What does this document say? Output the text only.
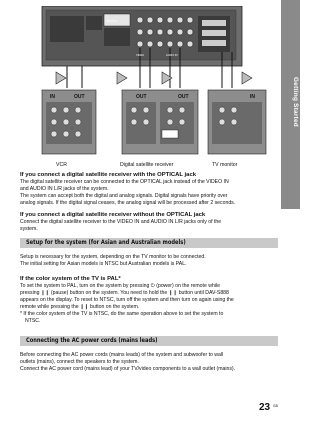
Getting Started
IN	OUT	OUT	OUT	IN
OPTICAL
VIDEO	AUDIO IN
VCR	Digital satellite receiver	TV monitor

If you connect a digital satellite receiver with the OPTICAL jack

The digital satellite receiver can be connected to the OPTICAL jack instead of the VIDEO IN

and AUDIO IN L/R jacks of the system.

The system can accept both the digital and analog signals. Digital signals have priority over

analog signals. If the digital signal ceases, the analog signal will be processed after 2 seconds.

If you connect a digital satellite receiver without the OPTICAL jack

Connect the digital satellite receiver to the VIDEO IN and AUDIO IN L/R jacks only of the

system.

Setup for the system (for Asian and Australian models)

Setup is necessary for the system, depending on the TV monitor to be connected.

The initial setting for Asian models is NTSC but Australian models is PAL.

If the color system of the TV is PAL*

To set the system to PAL, turn on the system by pressing ⏻ (power) on the remote while

pressing ❙❙ (pause) button on the system. You need to hold the ❙❙ button until DAV-S888

appears on the display. To reset to NTSC, turn off the system and then turn on again using the

remote while pressing the ❙❙ button on the system.

* If the color system of the TV is NTSC, do the same operation above to set the system to

NTSC.

Connecting the AC power cords (mains leads)

Before connecting the AC power cords (mains leads) of the system and subwoofer to wall

outlets (mains), connect the speakers to the system.

Connect the AC power cord (mains lead) of your TV/video components to a wall outlet (mains).

23 GB
